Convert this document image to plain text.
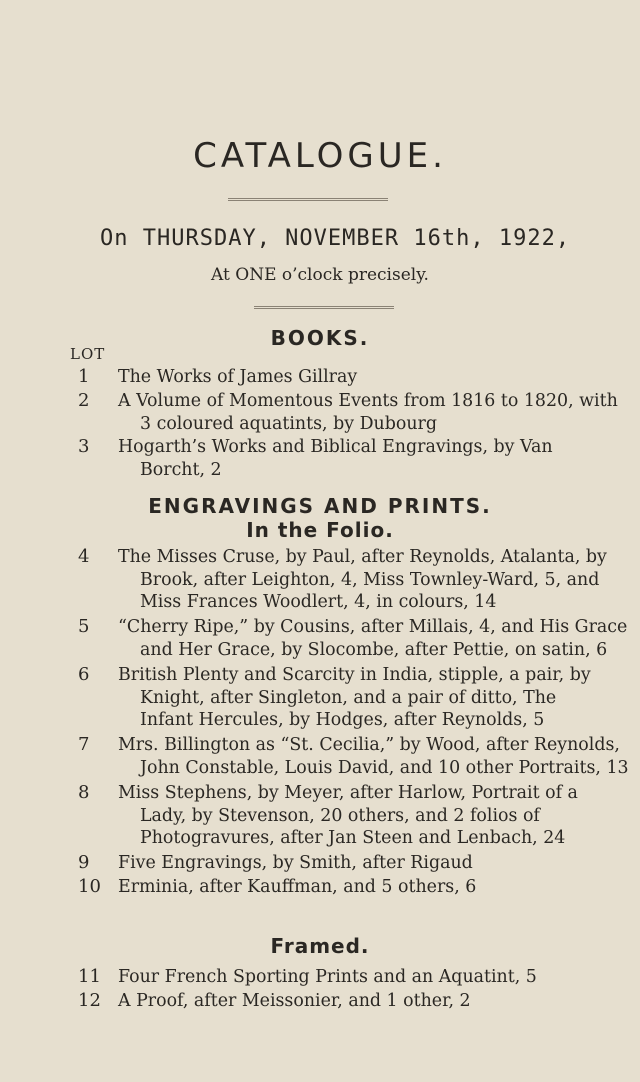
CATALOGUE.
On THURSDAY, NOVEMBER 16th, 1922,
At ONE o’clock precisely.
BOOKS.
LOT
1	The Works of James Gillray
2	A Volume of Momentous Events from 1816 to 1820, with
3 coloured aquatints, by Dubourg
3	Hogarth’s Works and Biblical Engravings, by Van
Borcht, 2
ENGRAVINGS AND PRINTS.
In the Folio.
4	The Misses Cruse, by Paul, after Reynolds, Atalanta, by
Brook, after Leighton, 4, Miss Townley-Ward, 5, and
Miss Frances Woodlert, 4, in colours, 14
5	“Cherry Ripe,” by Cousins, after Millais, 4, and His Grace
and Her Grace, by Slocombe, after Pettie, on satin, 6
6	British Plenty and Scarcity in India, stipple, a pair, by
Knight, after Singleton, and a pair of ditto, The
Infant Hercules, by Hodges, after Reynolds, 5
7	Mrs. Billington as “St. Cecilia,” by Wood, after Reynolds,
John Constable, Louis David, and 10 other Portraits, 13
8	Miss Stephens, by Meyer, after Harlow, Portrait of a
Lady, by Stevenson, 20 others, and 2 folios of
Photogravures, after Jan Steen and Lenbach, 24
9	Five Engravings, by Smith, after Rigaud
10 Erminia, after Kauffman, and 5 others, 6
Framed.
11 Four French Sporting Prints and an Aquatint, 5
12 A Proof, after Meissonier, and 1 other, 2
